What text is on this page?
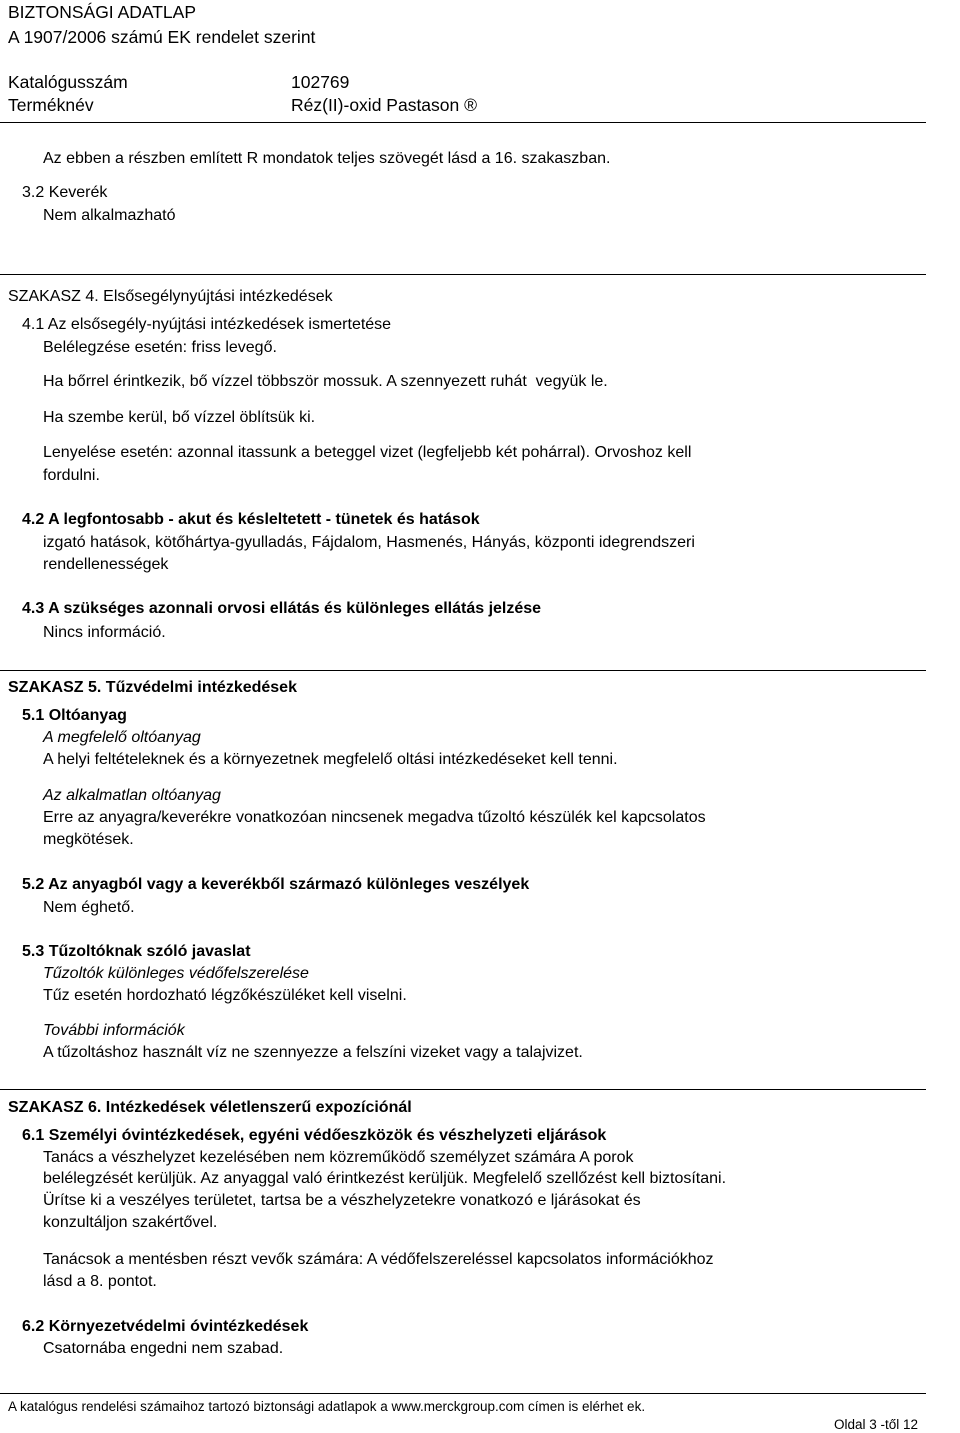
BIZTONSÁGI ADATLAP
A 1907/2006 számú EK rendelet szerint
Katalógusszám	102769
Terméknév	Réz(II)-oxid Pastason ®
Az ebben a részben említett R mondatok teljes szövegét lásd a 16. szakaszban.
3.2 Keverék
Nem alkalmazható
SZAKASZ 4. Elsősegélynyújtási intézkedések
4.1 Az elsősegély-nyújtási intézkedések ismertetése
Belélegzése esetén: friss levegő.
Ha bőrrel érintkezik, bő vízzel többször mossuk. A szennyezett ruhát  vegyük le.
Ha szembe kerül, bő vízzel öblítsük ki.
Lenyelése esetén: azonnal itassunk a beteggel vizet (legfeljebb két pohárral). Orvoshoz kell
fordulni.
4.2 A legfontosabb - akut és késleltetett - tünetek és hatások
izgató hatások, kötőhártya-gyulladás, Fájdalom, Hasmenés, Hányás, központi idegrendszeri
rendellenességek
4.3 A szükséges azonnali orvosi ellátás és különleges ellátás jelzése
Nincs információ.
SZAKASZ 5. Tűzvédelmi intézkedések
5.1 Oltóanyag
A megfelelő oltóanyag
A helyi feltételeknek és a környezetnek megfelelő oltási intézkedéseket kell tenni.
Az alkalmatlan oltóanyag
Erre az anyagra/keverékre vonatkozóan nincsenek megadva tűzoltó készülék kel kapcsolatos
megkötések.
5.2 Az anyagból vagy a keverékből származó különleges veszélyek
Nem éghető.
5.3 Tűzoltóknak szóló javaslat
Tűzoltók különleges védőfelszerelése
Tűz esetén hordozható légzőkészüléket kell viselni.
További információk
A tűzoltáshoz használt víz ne szennyezze a felszíni vizeket vagy a talajvizet.
SZAKASZ 6. Intézkedések véletlenszerű expozíciónál
6.1 Személyi óvintézkedések, egyéni védőeszközök és vészhelyzeti eljárások
Tanács a vészhelyzet kezelésében nem közreműködő személyzet számára A porok
belélegzését kerüljük. Az anyaggal való érintkezést kerüljük. Megfelelő szellőzést kell biztosítani.
Ürítse ki a veszélyes területet, tartsa be a vészhelyzetekre vonatkozó e ljárásokat és
konzultáljon szakértővel.
Tanácsok a mentésben részt vevők számára: A védőfelszereléssel kapcsolatos információkhoz
lásd a 8. pontot.
6.2 Környezetvédelmi óvintézkedések
Csatornába engedni nem szabad.
A katalógus rendelési számaihoz tartozó biztonsági adatlapok a www.merckgroup.com címen is elérhet ek.
Oldal 3 -től 12
